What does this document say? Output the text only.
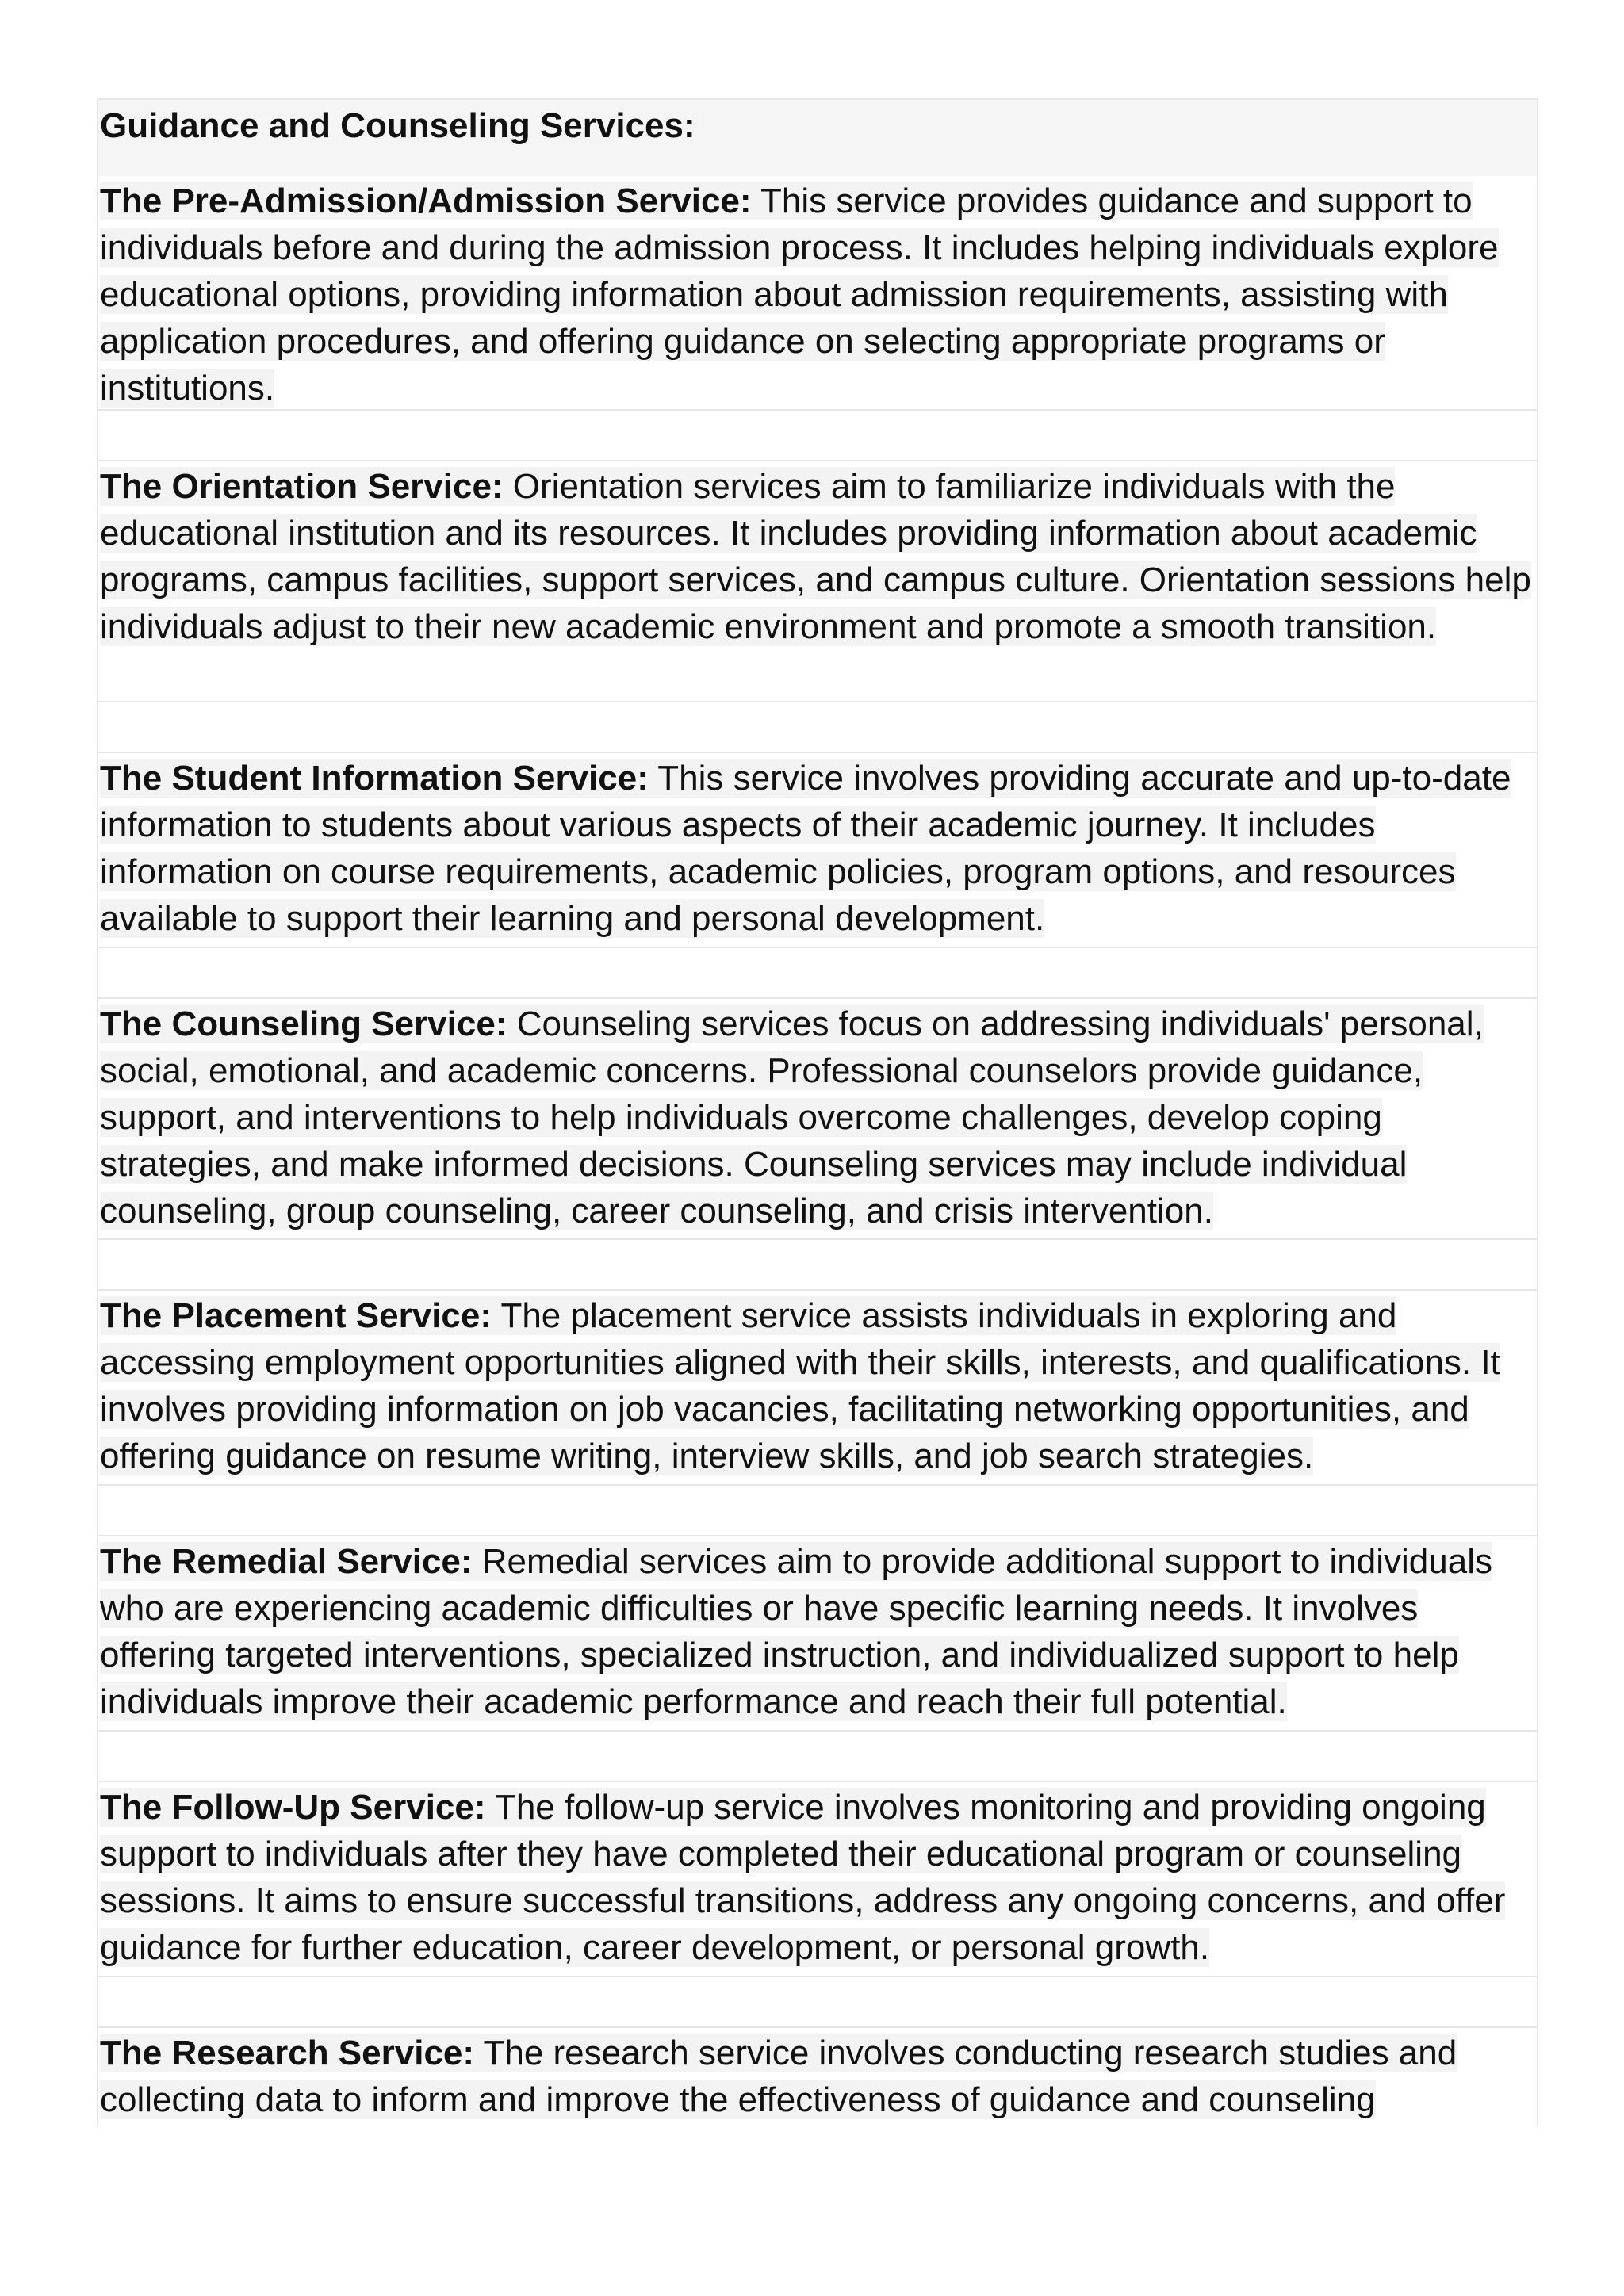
Guidance and Counseling Services:

The Pre-Admission/Admission Service: This service provides guidance and support to individuals before and during the admission process. It includes helping individuals explore educational options, providing information about admission requirements, assisting with application procedures, and offering guidance on selecting appropriate programs or institutions.

The Orientation Service: Orientation services aim to familiarize individuals with the educational institution and its resources. It includes providing information about academic programs, campus facilities, support services, and campus culture. Orientation sessions help individuals adjust to their new academic environment and promote a smooth transition.

The Student Information Service: This service involves providing accurate and up-to-date information to students about various aspects of their academic journey. It includes information on course requirements, academic policies, program options, and resources available to support their learning and personal development.

The Counseling Service: Counseling services focus on addressing individuals' personal, social, emotional, and academic concerns. Professional counselors provide guidance, support, and interventions to help individuals overcome challenges, develop coping strategies, and make informed decisions. Counseling services may include individual counseling, group counseling, career counseling, and crisis intervention.

The Placement Service: The placement service assists individuals in exploring and accessing employment opportunities aligned with their skills, interests, and qualifications. It involves providing information on job vacancies, facilitating networking opportunities, and offering guidance on resume writing, interview skills, and job search strategies.

The Remedial Service: Remedial services aim to provide additional support to individuals who are experiencing academic difficulties or have specific learning needs. It involves offering targeted interventions, specialized instruction, and individualized support to help individuals improve their academic performance and reach their full potential.

The Follow-Up Service: The follow-up service involves monitoring and providing ongoing support to individuals after they have completed their educational program or counseling sessions. It aims to ensure successful transitions, address any ongoing concerns, and offer guidance for further education, career development, or personal growth.

The Research Service: The research service involves conducting research studies and collecting data to inform and improve the effectiveness of guidance and counseling
